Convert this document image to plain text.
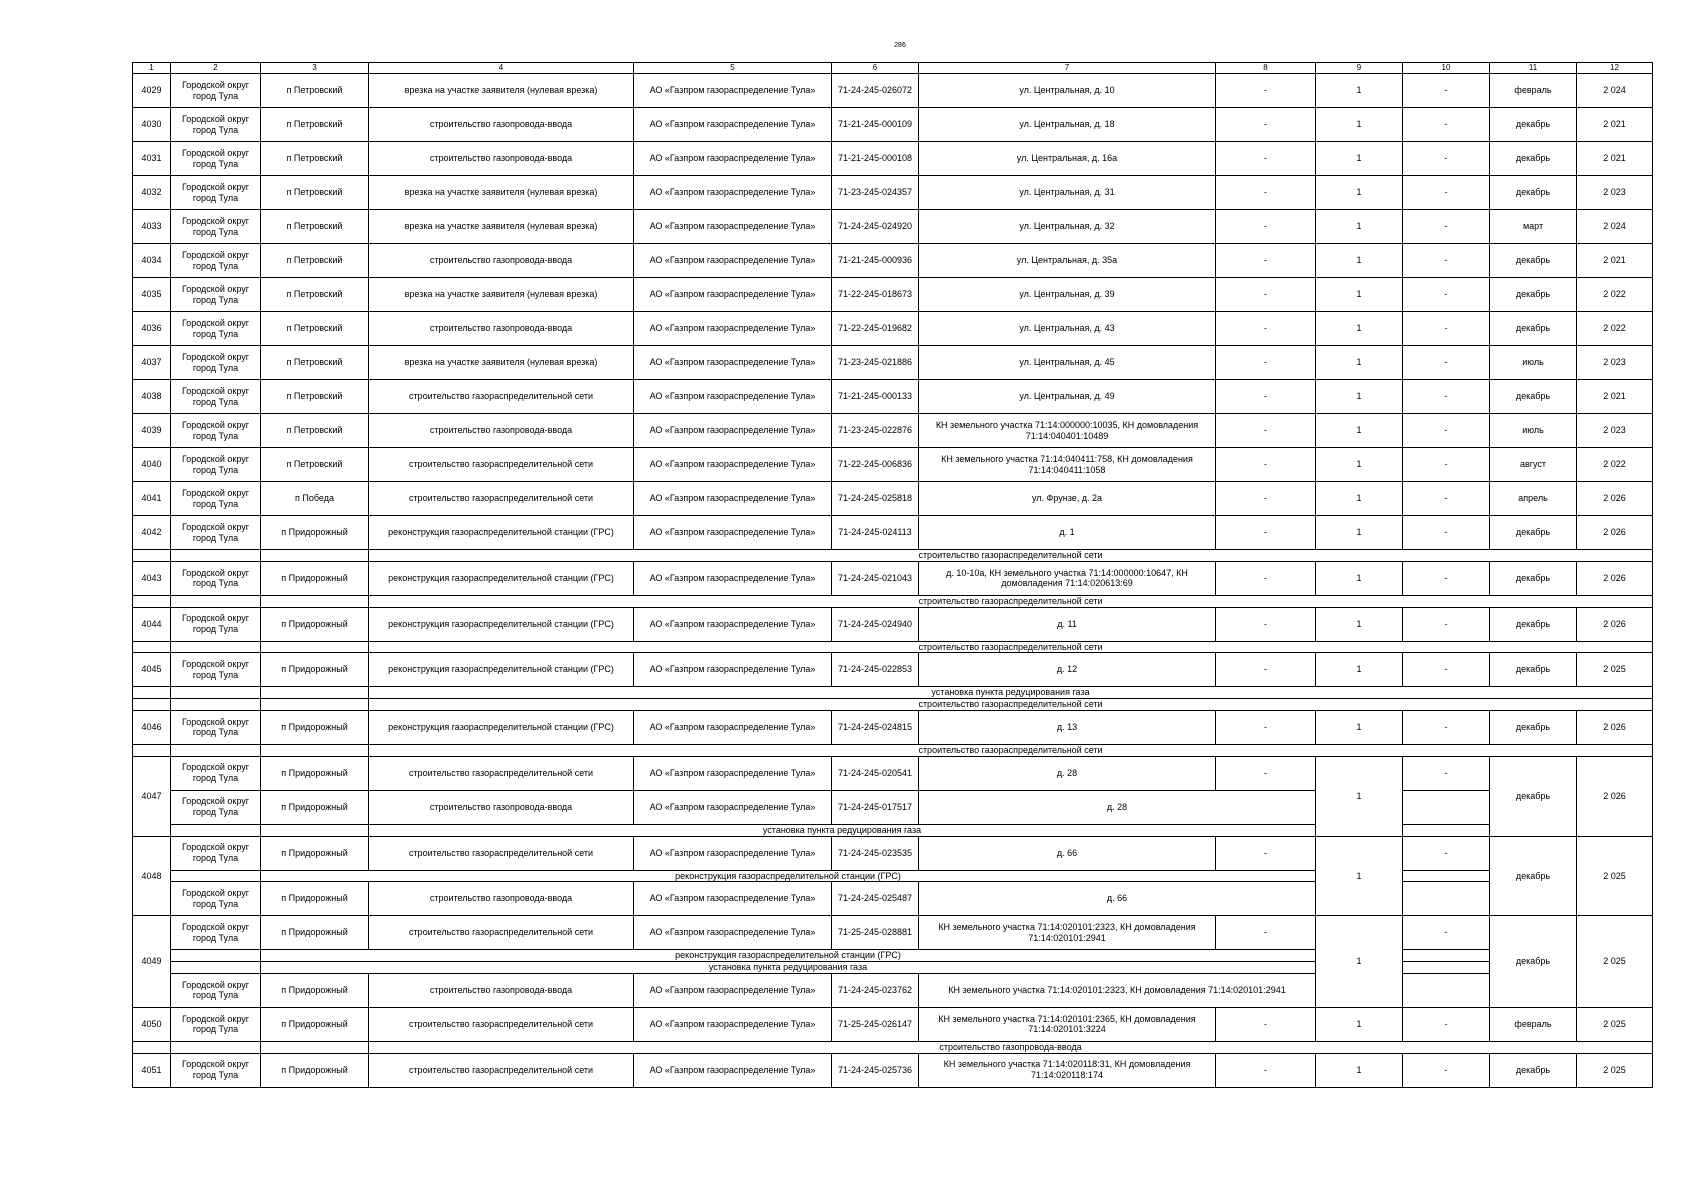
286
1	2	3	4	5	6	7	8	9	10	11	12
4029	Городской округ город Тула	п Петровский	врезка на участке заявителя (нулевая врезка)	АО «Газпром газораспределение Тула»	71-24-245-026072	ул. Центральная, д. 10	-	1	-	февраль	2 024
4030	Городской округ город Тула	п Петровский	строительство газопровода-ввода	АО «Газпром газораспределение Тула»	71-21-245-000109	ул. Центральная, д. 18	-	1	-	декабрь	2 021
4031	Городской округ город Тула	п Петровский	строительство газопровода-ввода	АО «Газпром газораспределение Тула»	71-21-245-000108	ул. Центральная, д. 16а	-	1	-	декабрь	2 021
4032	Городской округ город Тула	п Петровский	врезка на участке заявителя (нулевая врезка)	АО «Газпром газораспределение Тула»	71-23-245-024357	ул. Центральная, д. 31	-	1	-	декабрь	2 023
4033	Городской округ город Тула	п Петровский	врезка на участке заявителя (нулевая врезка)	АО «Газпром газораспределение Тула»	71-24-245-024920	ул. Центральная, д. 32	-	1	-	март	2 024
4034	Городской округ город Тула	п Петровский	строительство газопровода-ввода	АО «Газпром газораспределение Тула»	71-21-245-000936	ул. Центральная, д. 35а	-	1	-	декабрь	2 021
4035	Городской округ город Тула	п Петровский	врезка на участке заявителя (нулевая врезка)	АО «Газпром газораспределение Тула»	71-22-245-018673	ул. Центральная, д. 39	-	1	-	декабрь	2 022
4036	Городской округ город Тула	п Петровский	строительство газопровода-ввода	АО «Газпром газораспределение Тула»	71-22-245-019682	ул. Центральная, д. 43	-	1	-	декабрь	2 022
4037	Городской округ город Тула	п Петровский	врезка на участке заявителя (нулевая врезка)	АО «Газпром газораспределение Тула»	71-23-245-021886	ул. Центральная, д. 45	-	1	-	июль	2 023
4038	Городской округ город Тула	п Петровский	строительство газораспределительной сети	АО «Газпром газораспределение Тула»	71-21-245-000133	ул. Центральная, д. 49	-	1	-	декабрь	2 021
4039	Городской округ город Тула	п Петровский	строительство газопровода-ввода	АО «Газпром газораспределение Тула»	71-23-245-022876	КН земельного участка 71:14:000000:10035, КН домовладения 71:14:040401:10489	-	1	-	июль	2 023
4040	Городской округ город Тула	п Петровский	строительство газораспределительной сети	АО «Газпром газораспределение Тула»	71-22-245-006836	КН земельного участка 71:14:040411:758, КН домовладения 71:14:040411:1058	-	1	-	август	2 022
4041	Городской округ город Тула	п Победа	строительство газораспределительной сети	АО «Газпром газораспределение Тула»	71-24-245-025818	ул. Фрунзе, д. 2а	-	1	-	апрель	2 026
4042	Городской округ город Тула	п Придорожный	реконструкция газораспределительной станции (ГРС)	АО «Газпром газораспределение Тула»	71-24-245-024113	д. 1	-	1	-	декабрь	2 026
			строительство газораспределительной сети								
4043	Городской округ город Тула	п Придорожный	реконструкция газораспределительной станции (ГРС)	АО «Газпром газораспределение Тула»	71-24-245-021043	д. 10-10а, КН земельного участка 71:14:000000:10647, КН домовладения 71:14:020613:69	-	1	-	декабрь	2 026
			строительство газораспределительной сети								
4044	Городской округ город Тула	п Придорожный	реконструкция газораспределительной станции (ГРС)	АО «Газпром газораспределение Тула»	71-24-245-024940	д. 11	-	1	-	декабрь	2 026
			строительство газораспределительной сети								
4045	Городской округ город Тула	п Придорожный	реконструкция газораспределительной станции (ГРС)	АО «Газпром газораспределение Тула»	71-24-245-022853	д. 12	-	1	-	декабрь	2 025
			установка пункта редуцирования газа								
			строительство газораспределительной сети								
4046	Городской округ город Тула	п Придорожный	реконструкция газораспределительной станции (ГРС)	АО «Газпром газораспределение Тула»	71-24-245-024815	д. 13	-	1	-	декабрь	2 026
			строительство газораспределительной сети								
4047	Городской округ город Тула	п Придорожный	строительство газораспределительной сети	АО «Газпром газораспределение Тула»	71-24-245-020541	д. 28	-	1	-	декабрь	2 026
	Городской округ город Тула	п Придорожный	строительство газопровода-ввода	АО «Газпром газораспределение Тула»	71-24-245-017517	д. 28					
			установка пункта редуцирования газа								
4048	Городской округ город Тула	п Придорожный	строительство газораспределительной сети	АО «Газпром газораспределение Тула»	71-24-245-023535	д. 66	-	1	-	декабрь	2 025
		реконструкция газораспределительной станции (ГРС)									
	Городской округ город Тула	п Придорожный	строительство газопровода-ввода	АО «Газпром газораспределение Тула»	71-24-245-025487	д. 66					
4049	Городской округ город Тула	п Придорожный	строительство газораспределительной сети	АО «Газпром газораспределение Тула»	71-25-245-028881	КН земельного участка 71:14:020101:2323, КН домовладения 71:14:020101:2941	-	1	-	декабрь	2 025
		реконструкция газораспределительной станции (ГРС)									
		установка пункта редуцирования газа									
	Городской округ город Тула	п Придорожный	строительство газопровода-ввода	АО «Газпром газораспределение Тула»	71-24-245-023762	КН земельного участка 71:14:020101:2323, КН домовладения 71:14:020101:2941					
4050	Городской округ город Тула	п Придорожный	строительство газораспределительной сети	АО «Газпром газораспределение Тула»	71-25-245-026147	КН земельного участка 71:14:020101:2365, КН домовладения 71:14:020101:3224	-	1	-	февраль	2 025
			строительство газопровода-ввода								
4051	Городской округ город Тула	п Придорожный	строительство газораспределительной сети	АО «Газпром газораспределение Тула»	71-24-245-025736	КН земельного участка 71:14:020118:31, КН домовладения 71:14:020118:174	-	1	-	декабрь	2 025
